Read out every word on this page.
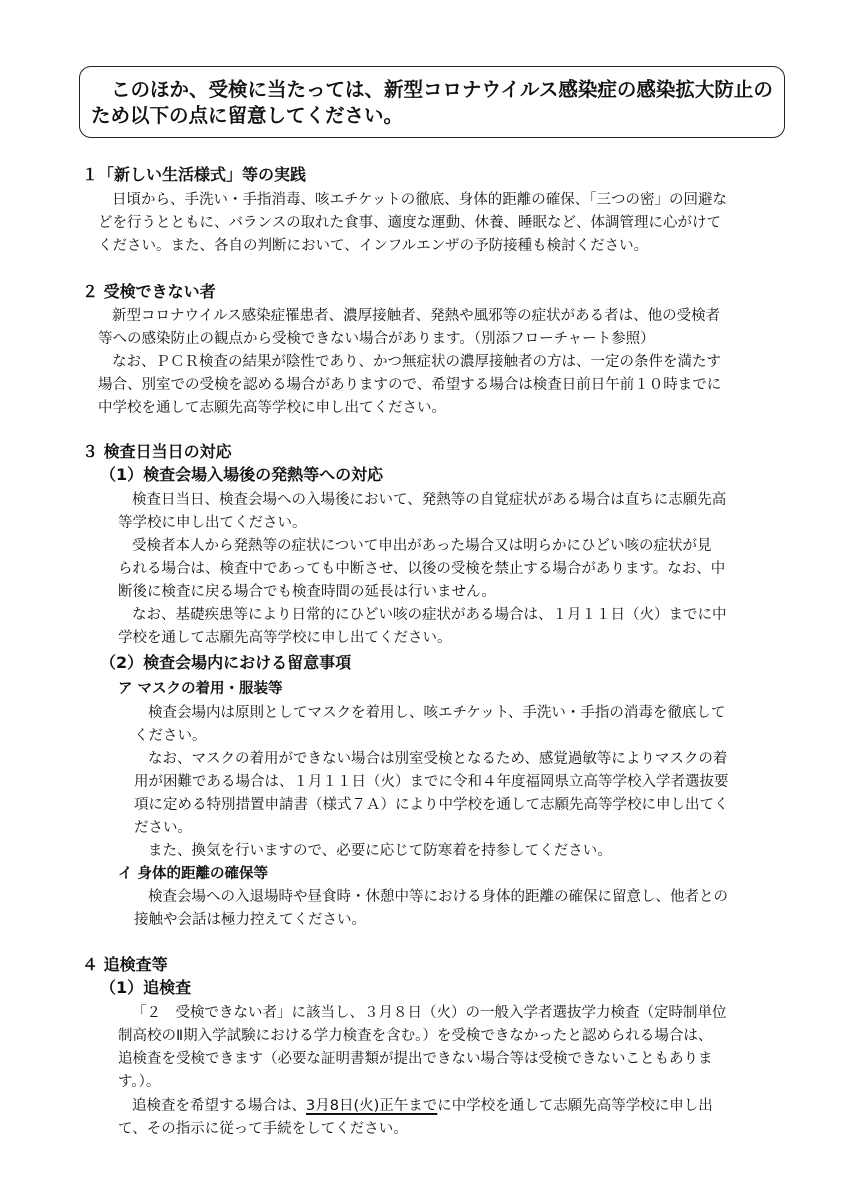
このほか、受検に当たっては、新型コロナウイルス感染症の感染拡大防止の
ため以下の点に留意してください。
１「新しい生活様式」等の実践
日頃から、手洗い・手指消毒、咳エチケットの徹底、身体的距離の確保、「三つの密」の回避な
どを行うとともに、バランスの取れた食事、適度な運動、休養、睡眠など、体調管理に心がけて
ください。また、各自の判断において、インフルエンザの予防接種も検討ください。
２ 受検できない者
新型コロナウイルス感染症罹患者、濃厚接触者、発熱や風邪等の症状がある者は、他の受検者
等への感染防止の観点から受検できない場合があります。（別添フローチャート参照）
なお、ＰＣＲ検査の結果が陰性であり、かつ無症状の濃厚接触者の方は、一定の条件を満たす
場合、別室での受検を認める場合がありますので、希望する場合は検査日前日午前１０時までに
中学校を通して志願先高等学校に申し出てください。
３ 検査日当日の対応
（1）検査会場入場後の発熱等への対応
検査日当日、検査会場への入場後において、発熱等の自覚症状がある場合は直ちに志願先高
等学校に申し出てください。
受検者本人から発熱等の症状について申出があった場合又は明らかにひどい咳の症状が見
られる場合は、検査中であっても中断させ、以後の受検を禁止する場合があります。なお、中
断後に検査に戻る場合でも検査時間の延長は行いません。
なお、基礎疾患等により日常的にひどい咳の症状がある場合は、１月１１日（火）までに中
学校を通して志願先高等学校に申し出てください。
（2）検査会場内における留意事項
ア マスクの着用・服装等
検査会場内は原則としてマスクを着用し、咳エチケット、手洗い・手指の消毒を徹底して
ください。
なお、マスクの着用ができない場合は別室受検となるため、感覚過敏等によりマスクの着
用が困難である場合は、１月１１日（火）までに令和４年度福岡県立高等学校入学者選抜要
項に定める特別措置申請書（様式７Ａ）により中学校を通して志願先高等学校に申し出てく
ださい。
また、換気を行いますので、必要に応じて防寒着を持参してください。
イ 身体的距離の確保等
検査会場への入退場時や昼食時・休憩中等における身体的距離の確保に留意し、他者との
接触や会話は極力控えてください。
４ 追検査等
（1）追検査
「２　受検できない者」に該当し、３月８日（火）の一般入学者選抜学力検査（定時制単位
制高校のⅡ期入学試験における学力検査を含む。）を受検できなかったと認められる場合は、
追検査を受検できます（必要な証明書類が提出できない場合等は受検できないこともありま
す。）。
追検査を希望する場合は、3月8日(火)正午までに中学校を通して志願先高等学校に申し出
て、その指示に従って手続をしてください。
